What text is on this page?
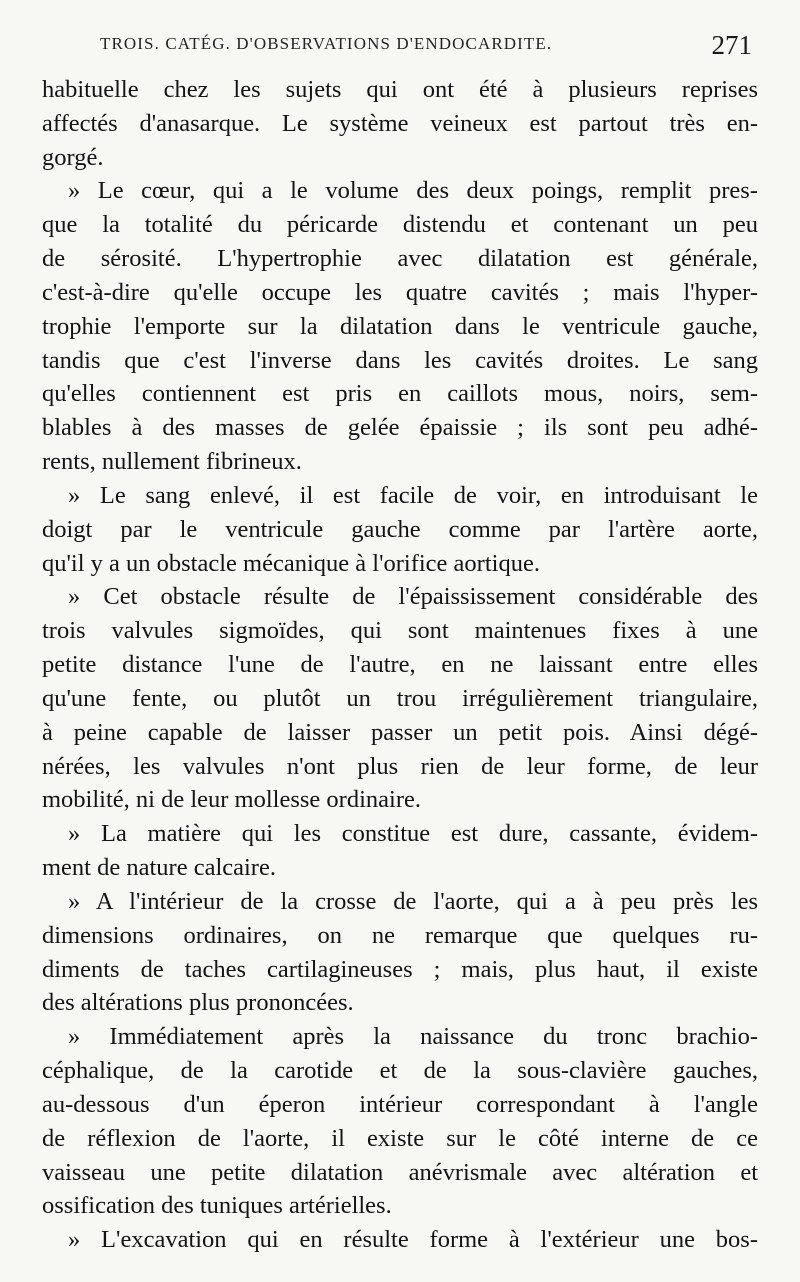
TROIS. CATÉG. D'OBSERVATIONS D'ENDOCARDITE.	271
habituelle chez les sujets qui ont été à plusieurs reprises
affectés d'anasarque. Le système veineux est partout très en-
gorgé.
» Le cœur, qui a le volume des deux poings, remplit pres-
que la totalité du péricarde distendu et contenant un peu
de sérosité. L'hypertrophie avec dilatation est générale,
c'est-à-dire qu'elle occupe les quatre cavités ; mais l'hyper-
trophie l'emporte sur la dilatation dans le ventricule gauche,
tandis que c'est l'inverse dans les cavités droites. Le sang
qu'elles contiennent est pris en caillots mous, noirs, sem-
blables à des masses de gelée épaissie ; ils sont peu adhé-
rents, nullement fibrineux.
» Le sang enlevé, il est facile de voir, en introduisant le
doigt par le ventricule gauche comme par l'artère aorte,
qu'il y a un obstacle mécanique à l'orifice aortique.
» Cet obstacle résulte de l'épaississement considérable des
trois valvules sigmoïdes, qui sont maintenues fixes à une
petite distance l'une de l'autre, en ne laissant entre elles
qu'une fente, ou plutôt un trou irrégulièrement triangulaire,
à peine capable de laisser passer un petit pois. Ainsi dégé-
nérées, les valvules n'ont plus rien de leur forme, de leur
mobilité, ni de leur mollesse ordinaire.
» La matière qui les constitue est dure, cassante, évidem-
ment de nature calcaire.
» A l'intérieur de la crosse de l'aorte, qui a à peu près les
dimensions ordinaires, on ne remarque que quelques ru-
diments de taches cartilagineuses ; mais, plus haut, il existe
des altérations plus prononcées.
» Immédiatement après la naissance du tronc brachio-
céphalique, de la carotide et de la sous-clavière gauches,
au-dessous d'un éperon intérieur correspondant à l'angle
de réflexion de l'aorte, il existe sur le côté interne de ce
vaisseau une petite dilatation anévrismale avec altération et
ossification des tuniques artérielles.
» L'excavation qui en résulte forme à l'extérieur une bos-
